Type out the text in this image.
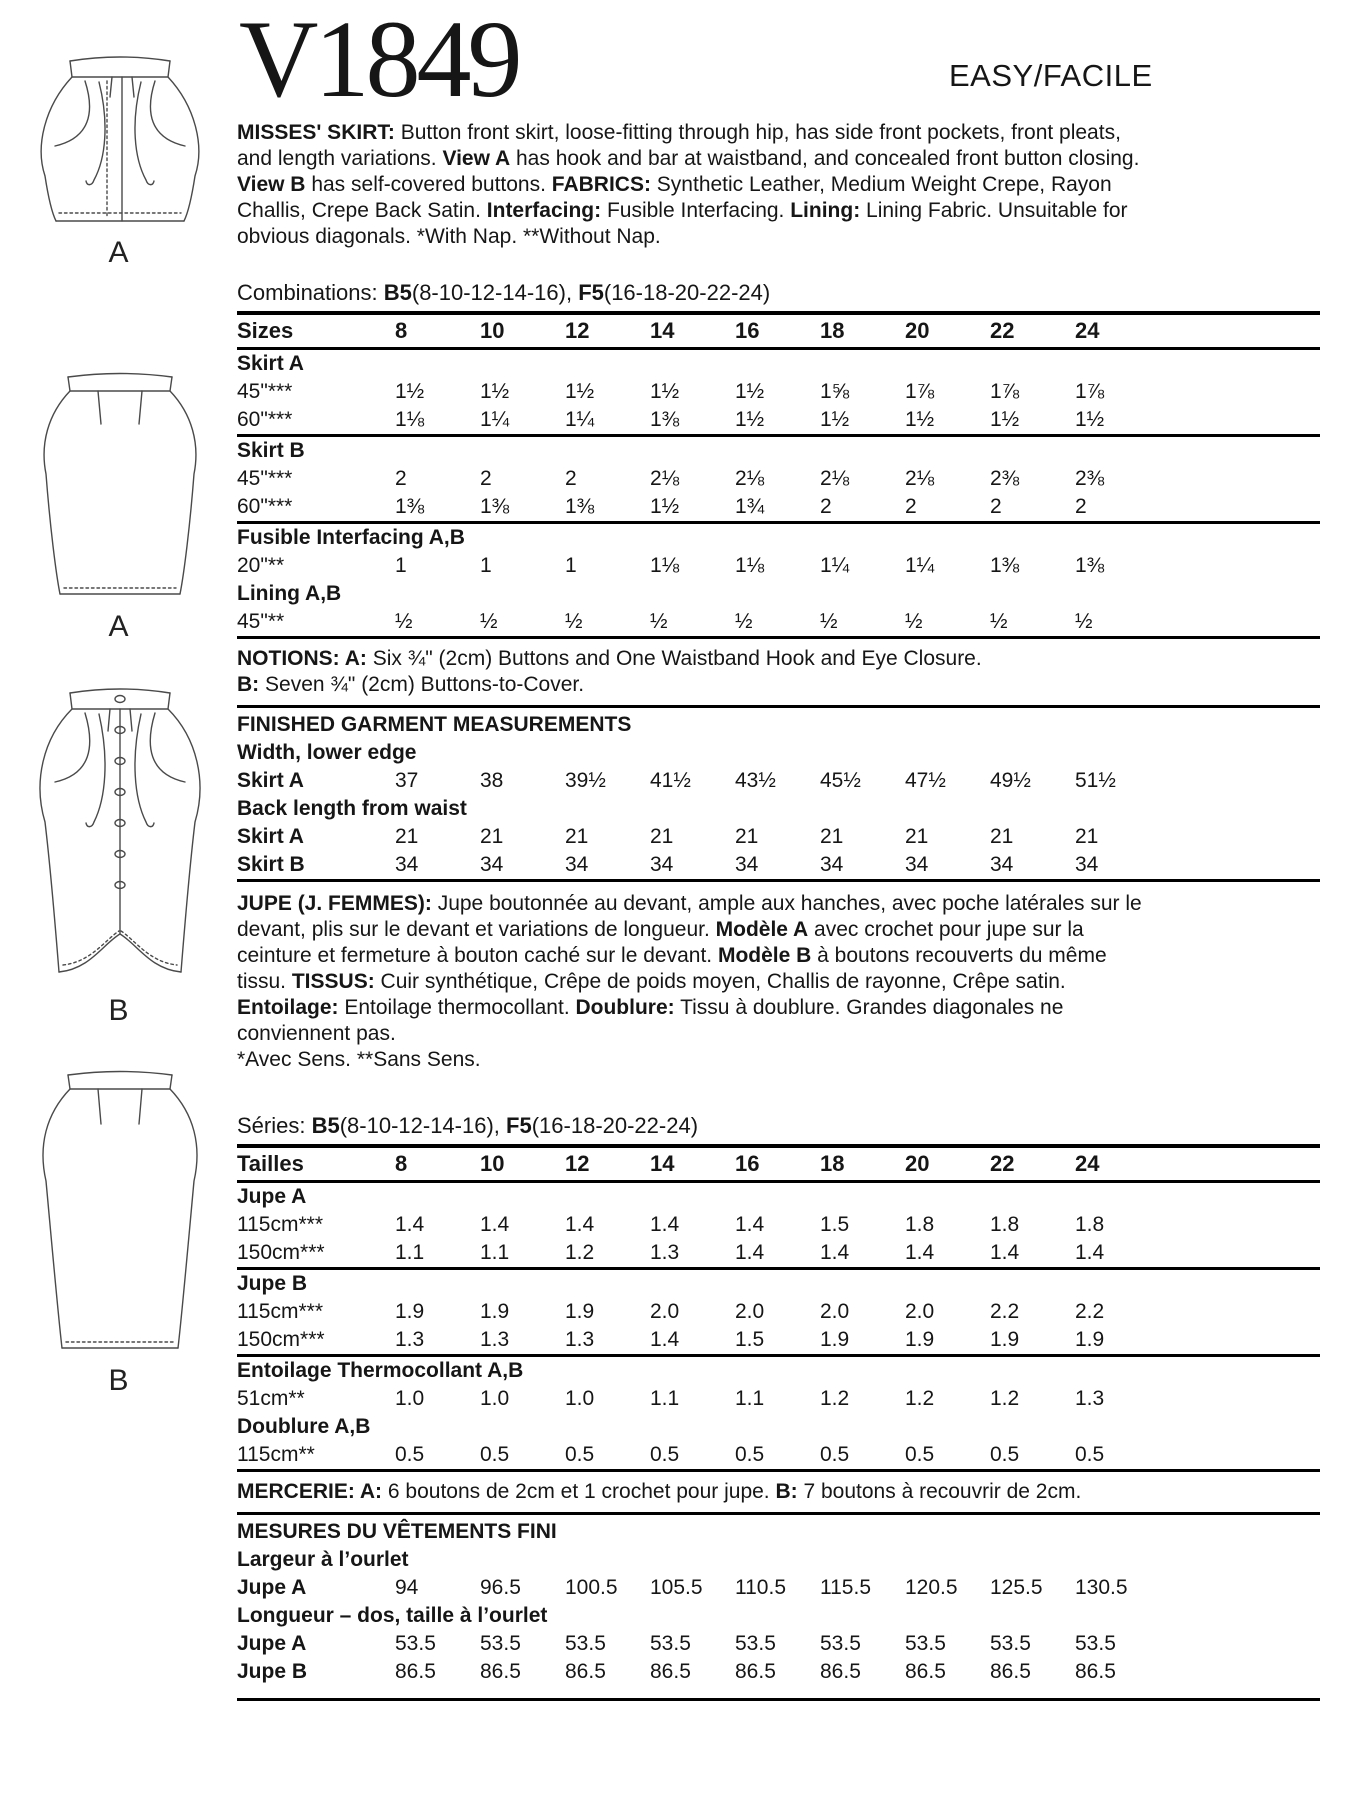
A
A
B
B
V1849	EASY/FACILE

MISSES' SKIRT: Button front skirt, loose-fitting through hip, has side front pockets, front pleats, and length variations. View A has hook and bar at waistband, and concealed front button closing. View B has self-covered buttons. FABRICS: Synthetic Leather, Medium Weight Crepe, Rayon Challis, Crepe Back Satin. Interfacing: Fusible Interfacing. Lining: Lining Fabric. Unsuitable for obvious diagonals. *With Nap. **Without Nap.

Combinations: B5(8-10-12-14-16), F5(16-18-20-22-24)
Sizes	8	10	12	14	16	18	20	22	24
Skirt A
45"***	1½	1½	1½	1½	1½	1⅝	1⅞	1⅞	1⅞
60"***	1⅛	1¼	1¼	1⅜	1½	1½	1½	1½	1½
Skirt B
45"***	2	2	2	2⅛	2⅛	2⅛	2⅛	2⅜	2⅜
60"***	1⅜	1⅜	1⅜	1½	1¾	2	2	2	2
Fusible Interfacing A,B
20"**	1	1	1	1⅛	1⅛	1¼	1¼	1⅜	1⅜
Lining A,B
45"**	½	½	½	½	½	½	½	½	½

NOTIONS: A: Six ¾" (2cm) Buttons and One Waistband Hook and Eye Closure.
B: Seven ¾" (2cm) Buttons-to-Cover.

FINISHED GARMENT MEASUREMENTS
Width, lower edge
Skirt A	37	38	39½	41½	43½	45½	47½	49½	51½
Back length from waist
Skirt A	21	21	21	21	21	21	21	21	21
Skirt B	34	34	34	34	34	34	34	34	34

JUPE (J. FEMMES): Jupe boutonnée au devant, ample aux hanches, avec poche latérales sur le devant, plis sur le devant et variations de longueur. Modèle A avec crochet pour jupe sur la ceinture et fermeture à bouton caché sur le devant. Modèle B à boutons recouverts du même tissu. TISSUS: Cuir synthétique, Crêpe de poids moyen, Challis de rayonne, Crêpe satin. Entoilage: Entoilage thermocollant. Doublure: Tissu à doublure. Grandes diagonales ne conviennent pas.
*Avec Sens. **Sans Sens.

Séries: B5(8-10-12-14-16), F5(16-18-20-22-24)
Tailles	8	10	12	14	16	18	20	22	24
Jupe A
115cm***	1.4	1.4	1.4	1.4	1.4	1.5	1.8	1.8	1.8
150cm***	1.1	1.1	1.2	1.3	1.4	1.4	1.4	1.4	1.4
Jupe B
115cm***	1.9	1.9	1.9	2.0	2.0	2.0	2.0	2.2	2.2
150cm***	1.3	1.3	1.3	1.4	1.5	1.9	1.9	1.9	1.9
Entoilage Thermocollant A,B
51cm**	1.0	1.0	1.0	1.1	1.1	1.2	1.2	1.2	1.3
Doublure A,B
115cm**	0.5	0.5	0.5	0.5	0.5	0.5	0.5	0.5	0.5

MERCERIE: A: 6 boutons de 2cm et 1 crochet pour jupe. B: 7 boutons à recouvrir de 2cm.

MESURES DU VÊTEMENTS FINI
Largeur à l’ourlet
Jupe A	94	96.5	100.5	105.5	110.5	115.5	120.5	125.5	130.5
Longueur – dos, taille à l’ourlet
Jupe A	53.5	53.5	53.5	53.5	53.5	53.5	53.5	53.5	53.5
Jupe B	86.5	86.5	86.5	86.5	86.5	86.5	86.5	86.5	86.5
